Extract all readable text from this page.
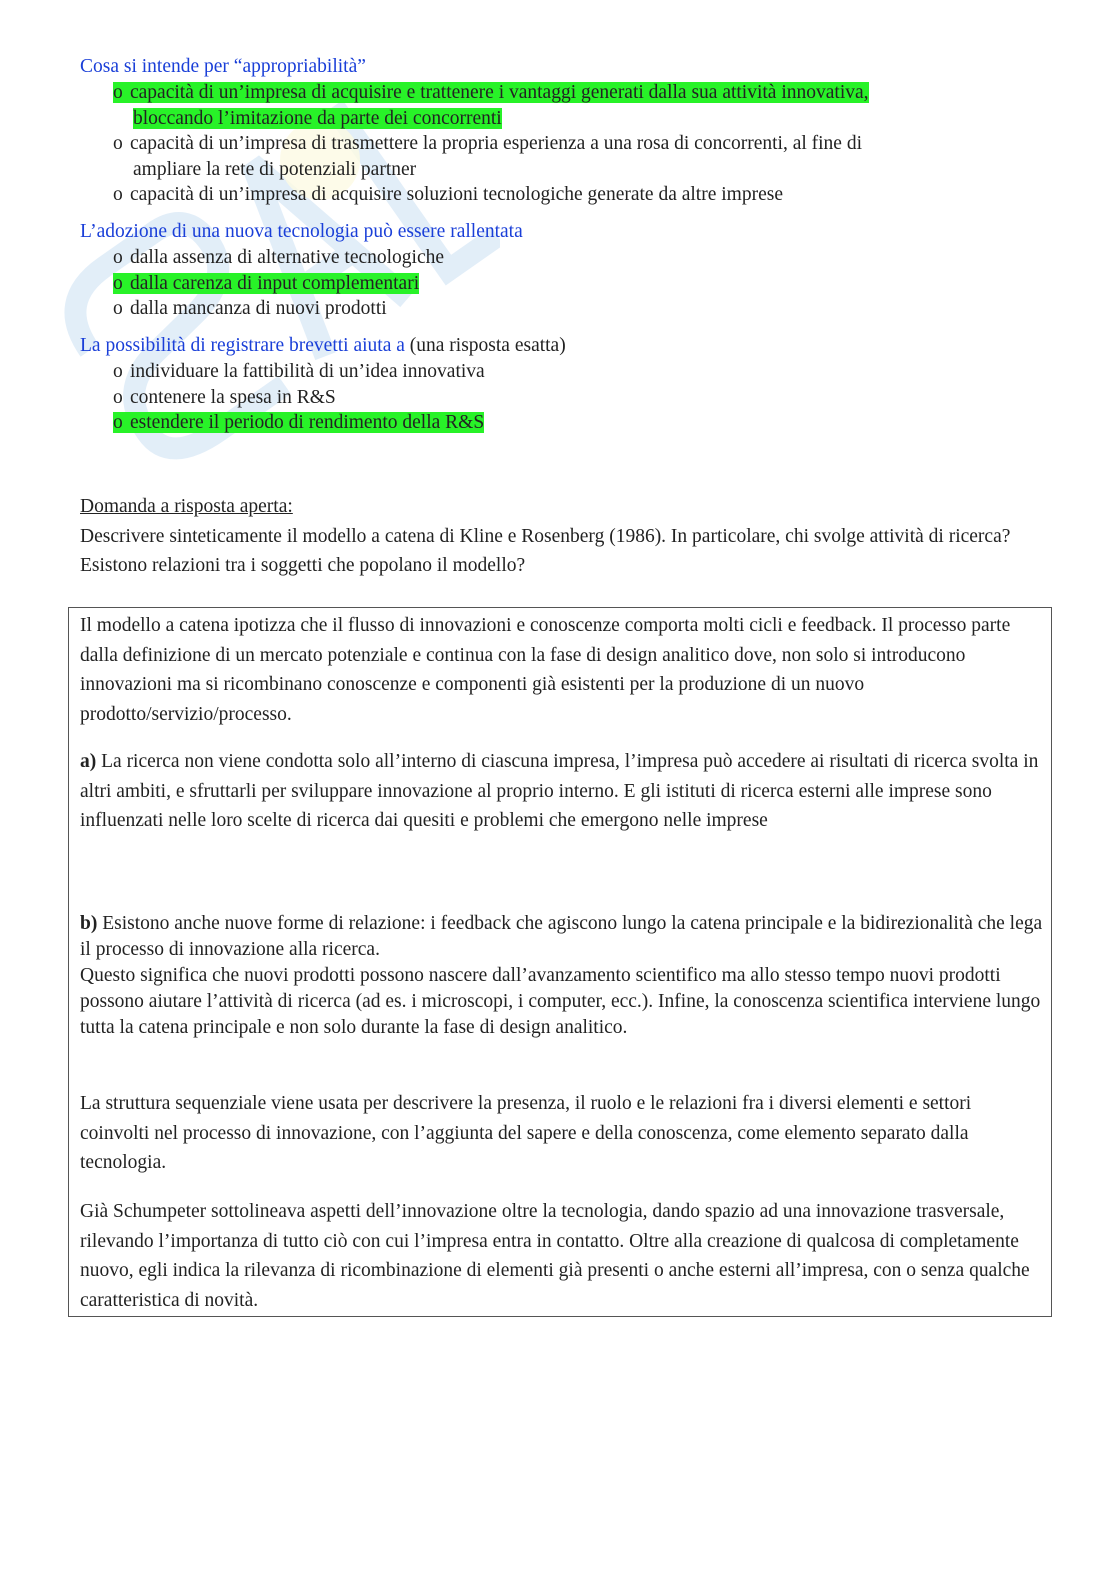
Cosa si intende per “appropriabilità”

o capacità di un’impresa di acquisire e trattenere i vantaggi generati dalla sua attività innovativa,
bloccando l’imitazione da parte dei concorrenti
o capacità di un’impresa di trasmettere la propria esperienza a una rosa di concorrenti, al fine di
ampliare la rete di potenziali partner
o capacità di un’impresa di acquisire soluzioni tecnologiche generate da altre imprese

L’adozione di una nuova tecnologia può essere rallentata

o dalla assenza di alternative tecnologiche
o dalla carenza di input complementari
o dalla mancanza di nuovi prodotti

La possibilità di registrare brevetti aiuta a (una risposta esatta)

o individuare la fattibilità di un’idea innovativa
o contenere la spesa in R&S
o estendere il periodo di rendimento della R&S

Domanda a risposta aperta:

Descrivere sinteticamente il modello a catena di Kline e Rosenberg (1986). In particolare, chi svolge attività di ricerca? Esistono relazioni tra i soggetti che popolano il modello?

Il modello a catena ipotizza che il flusso di innovazioni e conoscenze comporta molti cicli e feedback. Il processo parte dalla definizione di un mercato potenziale e continua con la fase di design analitico dove, non solo si introducono innovazioni ma si ricombinano conoscenze e componenti già esistenti per la produzione di un nuovo prodotto/servizio/processo.

a) La ricerca non viene condotta solo all’interno di ciascuna impresa, l’impresa può accedere ai risultati di ricerca svolta in altri ambiti, e sfruttarli per sviluppare innovazione al proprio interno. E gli istituti di ricerca esterni alle imprese sono influenzati nelle loro scelte di ricerca dai quesiti e problemi che emergono nelle imprese

b) Esistono anche nuove forme di relazione: i feedback che agiscono lungo la catena principale e la bidirezionalità che lega il processo di innovazione alla ricerca.

Questo significa che nuovi prodotti possono nascere dall’avanzamento scientifico ma allo stesso tempo nuovi prodotti possono aiutare l’attività di ricerca (ad es. i microscopi, i computer, ecc.). Infine, la conoscenza scientifica interviene lungo tutta la catena principale e non solo durante la fase di design analitico.

La struttura sequenziale viene usata per descrivere la presenza, il ruolo e le relazioni fra i diversi elementi e settori coinvolti nel processo di innovazione, con l’aggiunta del sapere e della conoscenza, come elemento separato dalla tecnologia.

Già Schumpeter sottolineava aspetti dell’innovazione oltre la tecnologia, dando spazio ad una innovazione trasversale, rilevando l’importanza di tutto ciò con cui l’impresa entra in contatto. Oltre alla creazione di qualcosa di completamente nuovo, egli indica la rilevanza di ricombinazione di elementi già presenti o anche esterni all’impresa, con o senza qualche caratteristica di novità.
